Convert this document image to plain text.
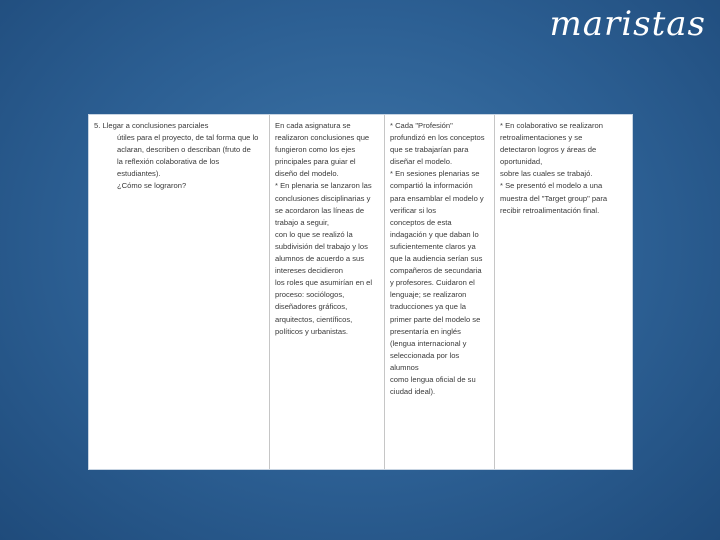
maristas
5. Llegar a conclusiones parciales
útiles para el proyecto, de tal forma que lo
aclaran, describen o describan (fruto de
la reflexión colaborativa de los
estudiantes).
¿Cómo se lograron?
En cada asignatura se
realizaron conclusiones que
fungieron como los ejes
principales para guiar el
diseño del modelo.
* En plenaria se lanzaron las
conclusiones disciplinarias y
se acordaron las líneas de
trabajo a seguir,
con lo que se realizó la
subdivisión del trabajo y los
alumnos de acuerdo a sus
intereses decidieron
los roles que asumirían en el
proceso: sociólogos,
diseñadores gráficos,
arquitectos, científicos,
políticos y urbanistas.
* Cada "Profesión"
profundizó en los conceptos
que se trabajarían para
diseñar el modelo.
* En sesiones plenarias se
compartió la información
para ensamblar el modelo y
verificar si los
conceptos de esta
indagación y que daban lo
suficientemente claros ya
que la audiencia serían sus
compañeros de secundaria
y profesores. Cuidaron el
lenguaje; se realizaron
traducciones ya que la
primer parte del modelo se
presentaría en inglés
(lengua internacional y
seleccionada por los
alumnos
como lengua oficial de su
ciudad ideal).
* En colaborativo se realizaron
retroalimentaciones y se
detectaron logros y áreas de
oportunidad,
sobre las cuales se trabajó.
* Se presentó el modelo a una
muestra del "Target group" para
recibir retroalimentación final.
